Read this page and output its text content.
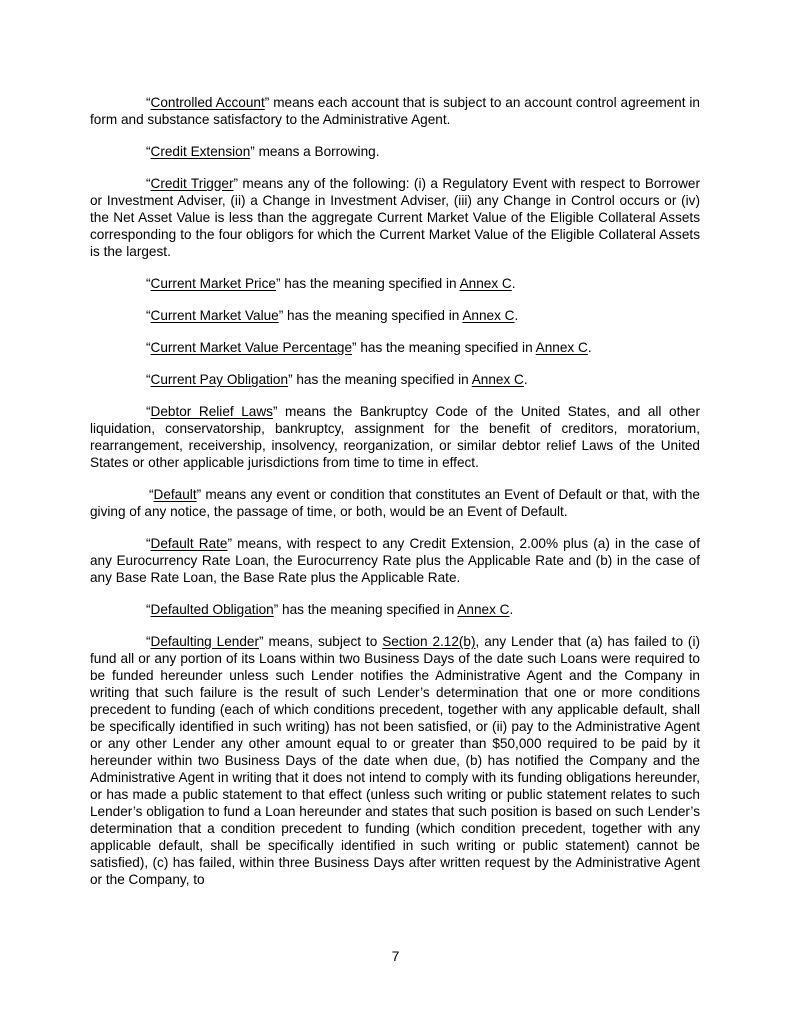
“Controlled Account” means each account that is subject to an account control agreement in form and substance satisfactory to the Administrative Agent.

“Credit Extension” means a Borrowing.

“Credit Trigger” means any of the following: (i) a Regulatory Event with respect to Borrower or Investment Adviser, (ii) a Change in Investment Adviser, (iii) any Change in Control occurs or (iv) the Net Asset Value is less than the aggregate Current Market Value of the Eligible Collateral Assets corresponding to the four obligors for which the Current Market Value of the Eligible Collateral Assets is the largest.

“Current Market Price” has the meaning specified in Annex C.

“Current Market Value” has the meaning specified in Annex C.

“Current Market Value Percentage” has the meaning specified in Annex C.

“Current Pay Obligation” has the meaning specified in Annex C.

“Debtor Relief Laws” means the Bankruptcy Code of the United States, and all other liquidation, conservatorship, bankruptcy, assignment for the benefit of creditors, moratorium, rearrangement, receivership, insolvency, reorganization, or similar debtor relief Laws of the United States or other applicable jurisdictions from time to time in effect.

“Default” means any event or condition that constitutes an Event of Default or that, with the giving of any notice, the passage of time, or both, would be an Event of Default.

“Default Rate” means, with respect to any Credit Extension, 2.00% plus (a) in the case of any Eurocurrency Rate Loan, the Eurocurrency Rate plus the Applicable Rate and (b) in the case of any Base Rate Loan, the Base Rate plus the Applicable Rate.

“Defaulted Obligation” has the meaning specified in Annex C.

“Defaulting Lender” means, subject to Section 2.12(b), any Lender that (a) has failed to (i) fund all or any portion of its Loans within two Business Days of the date such Loans were required to be funded hereunder unless such Lender notifies the Administrative Agent and the Company in writing that such failure is the result of such Lender’s determination that one or more conditions precedent to funding (each of which conditions precedent, together with any applicable default, shall be specifically identified in such writing) has not been satisfied, or (ii) pay to the Administrative Agent or any other Lender any other amount equal to or greater than $50,000 required to be paid by it hereunder within two Business Days of the date when due, (b) has notified the Company and the Administrative Agent in writing that it does not intend to comply with its funding obligations hereunder, or has made a public statement to that effect (unless such writing or public statement relates to such Lender’s obligation to fund a Loan hereunder and states that such position is based on such Lender’s determination that a condition precedent to funding (which condition precedent, together with any applicable default, shall be specifically identified in such writing or public statement) cannot be satisfied), (c) has failed, within three Business Days after written request by the Administrative Agent or the Company, to

7
